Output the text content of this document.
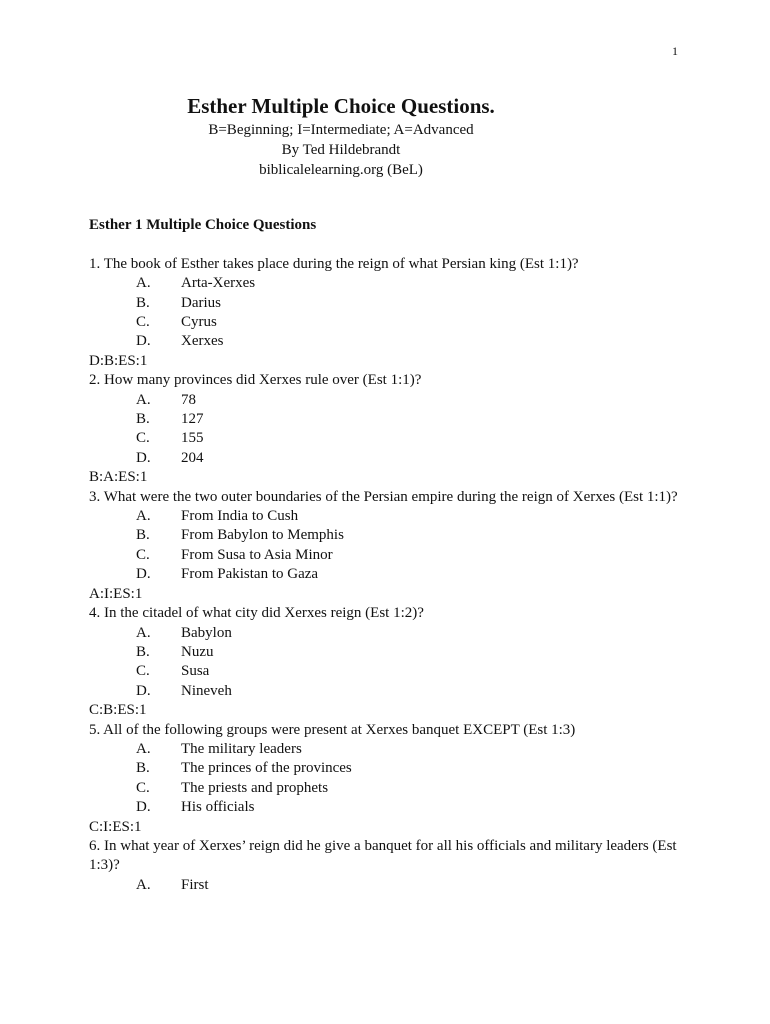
1
Esther Multiple Choice Questions.
B=Beginning; I=Intermediate; A=Advanced
By Ted Hildebrandt
biblicalelearning.org (BeL)
Esther 1 Multiple Choice Questions
1. The book of Esther takes place during the reign of what Persian king (Est 1:1)?
A.	Arta-Xerxes
B.	Darius
C.	Cyrus
D.	Xerxes
D:B:ES:1
2. How many provinces did Xerxes rule over (Est 1:1)?
A.	78
B.	127
C.	155
D.	204
B:A:ES:1
3. What were the two outer boundaries of the Persian empire during the reign of Xerxes (Est 1:1)?
A.	From India to Cush
B.	From Babylon to Memphis
C.	From Susa to Asia Minor
D.	From Pakistan to Gaza
A:I:ES:1
4. In the citadel of what city did Xerxes reign (Est 1:2)?
A.	Babylon
B.	Nuzu
C.	Susa
D.	Nineveh
C:B:ES:1
5. All of the following groups were present at Xerxes banquet EXCEPT (Est 1:3)
A.	The military leaders
B.	The princes of the provinces
C.	The priests and prophets
D.	His officials
C:I:ES:1
6. In what year of Xerxes’ reign did he give a banquet for all his officials and military leaders (Est 1:3)?
A.	First
